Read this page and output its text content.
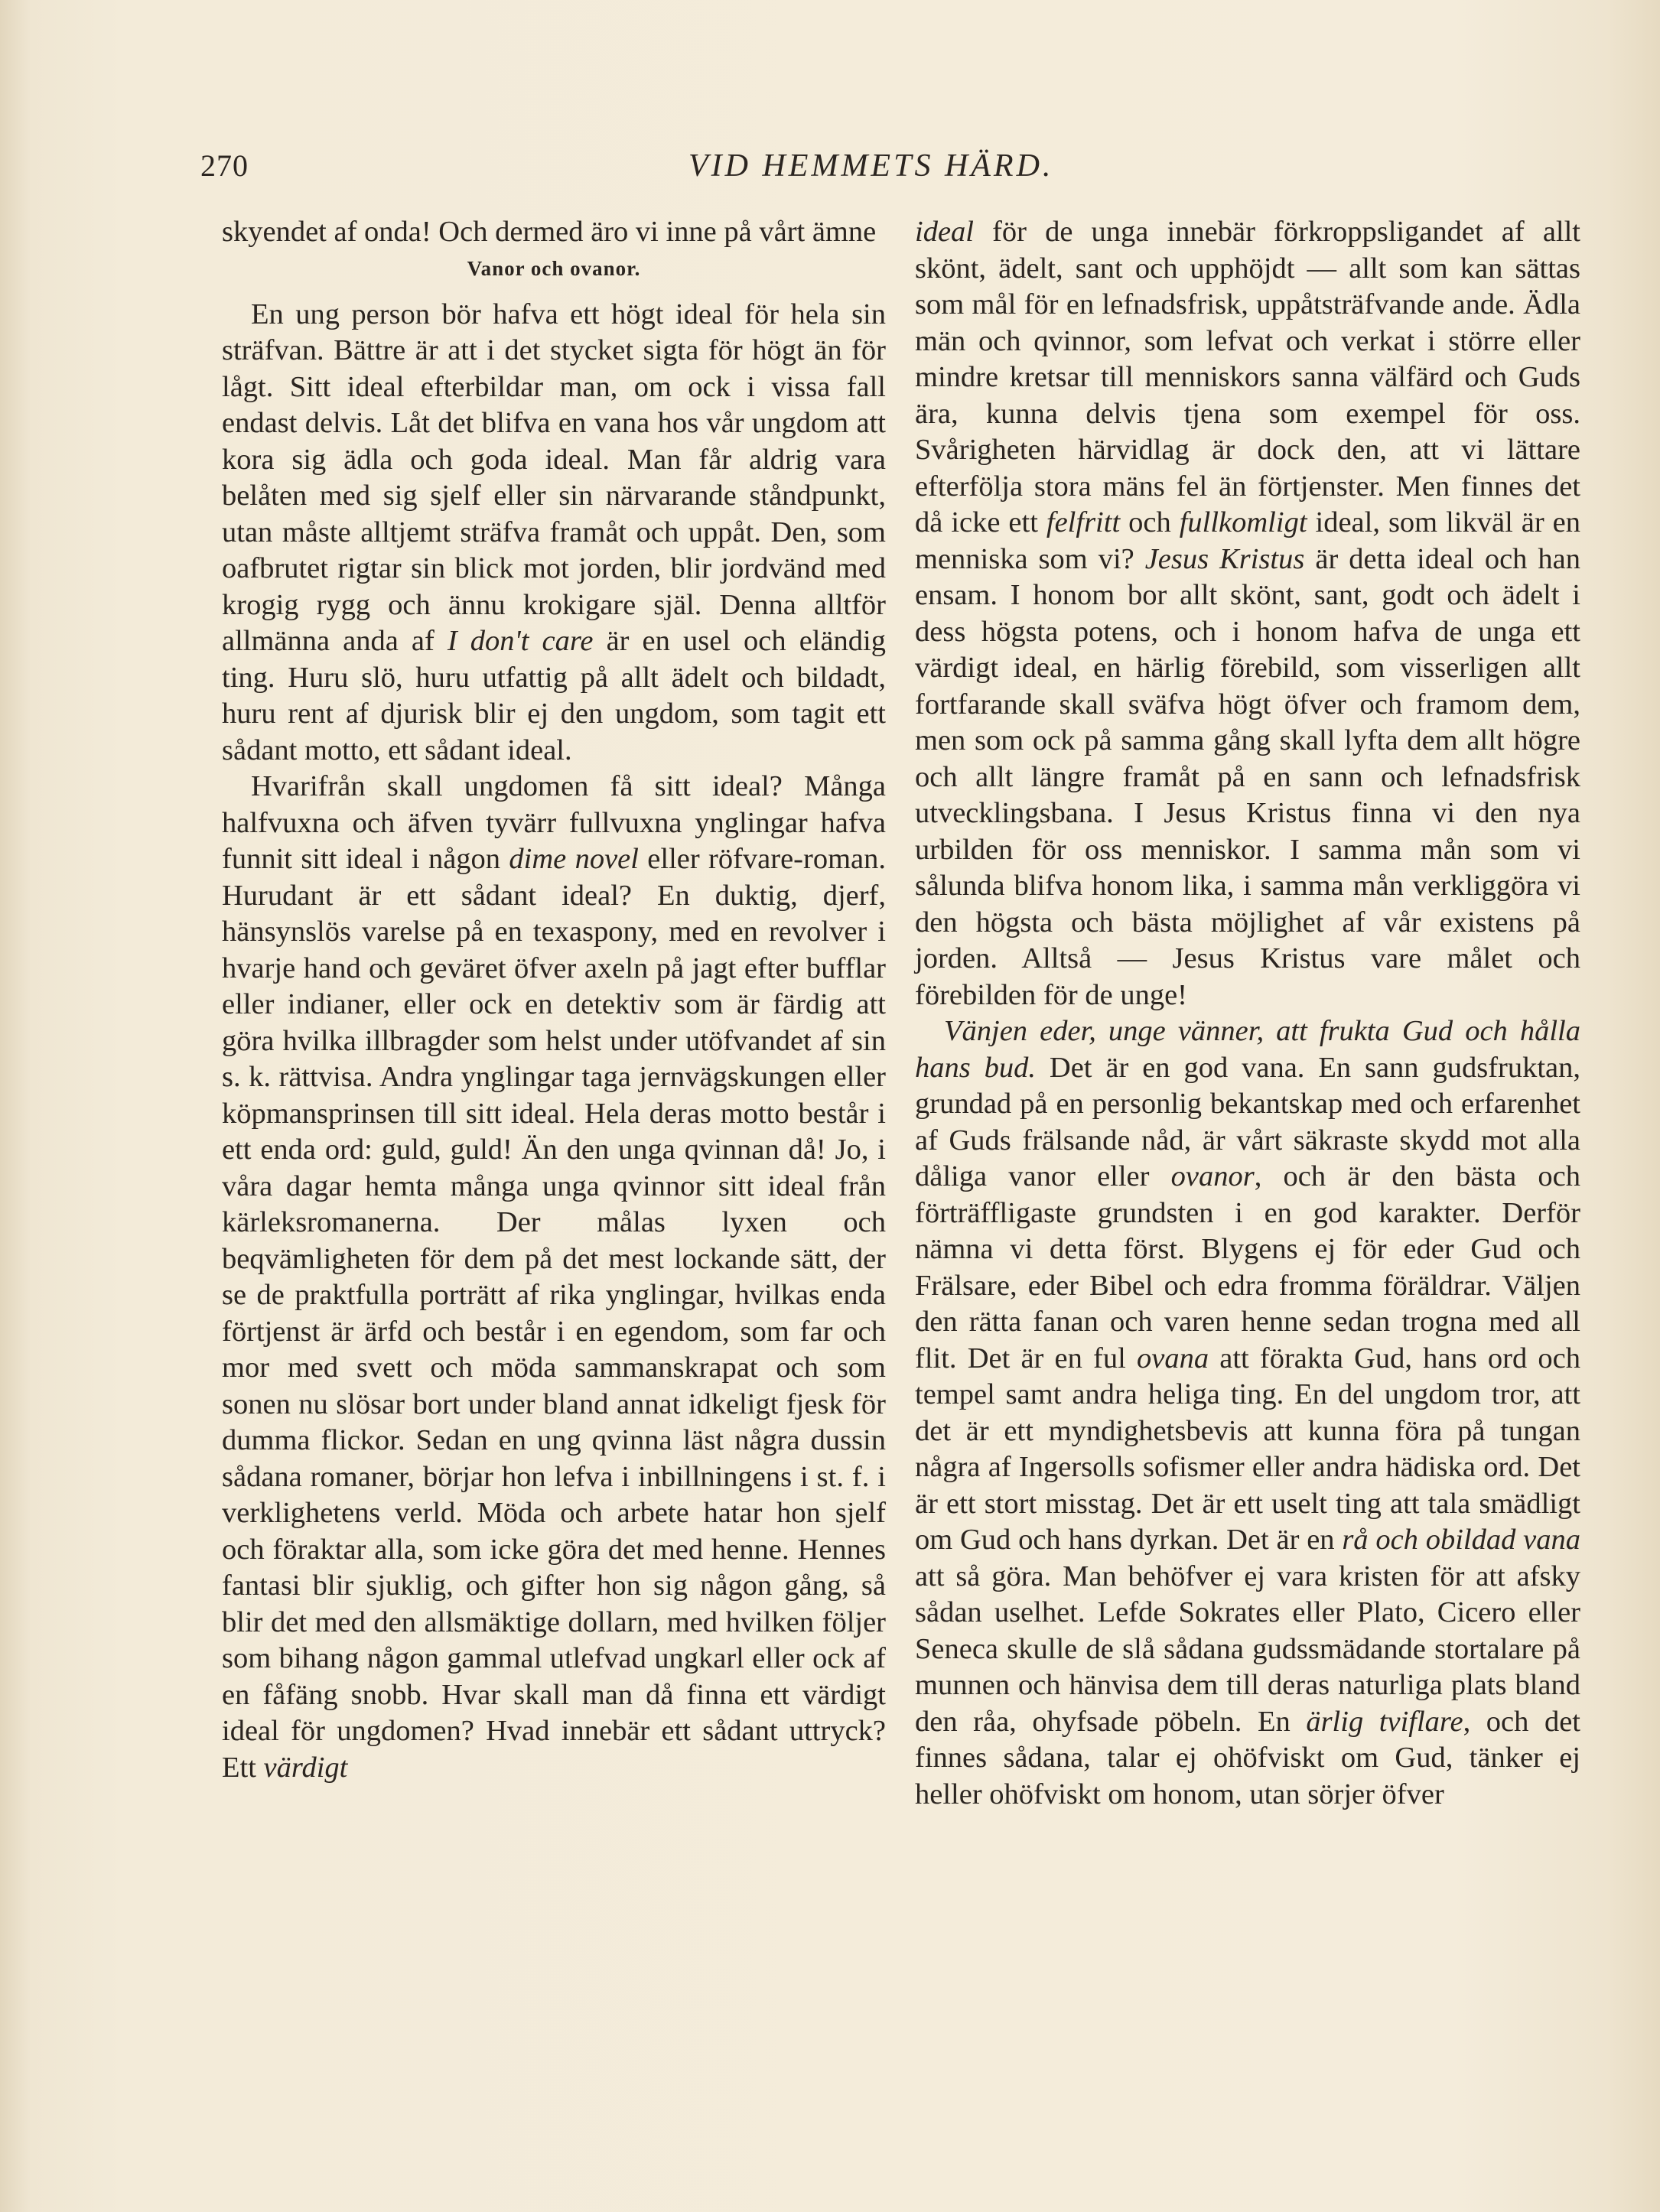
270	VID HEMMETS HÄRD.

skyendet af onda! Och dermed äro vi inne på vårt ämne

Vanor och ovanor.

En ung person bör hafva ett högt ideal för hela sin sträfvan. Bättre är att i det stycket sigta för högt än för lågt. Sitt ideal efterbildar man, om ock i vissa fall endast delvis. Låt det blifva en vana hos vår ungdom att kora sig ädla och goda ideal. Man får aldrig vara belåten med sig sjelf eller sin närvarande ståndpunkt, utan måste alltjemt sträfva framåt och uppåt. Den, som oafbrutet rigtar sin blick mot jorden, blir jordvänd med krogig rygg och ännu krokigare själ. Denna alltför allmänna anda af I don't care är en usel och eländig ting. Huru slö, huru utfattig på allt ädelt och bildadt, huru rent af djurisk blir ej den ungdom, som tagit ett sådant motto, ett sådant ideal.

Hvarifrån skall ungdomen få sitt ideal? Många halfvuxna och äfven tyvärr fullvuxna ynglingar hafva funnit sitt ideal i någon dime novel eller röfvare-roman. Hurudant är ett sådant ideal? En duktig, djerf, hänsynslös varelse på en texaspony, med en revolver i hvarje hand och geväret öfver axeln på jagt efter bufflar eller indianer, eller ock en detektiv som är färdig att göra hvilka illbragder som helst under utöfvandet af sin s. k. rättvisa. Andra ynglingar taga jernvägskungen eller köpmansprinsen till sitt ideal. Hela deras motto består i ett enda ord: guld, guld! Än den unga qvinnan då! Jo, i våra dagar hemta många unga qvinnor sitt ideal från kärleksromanerna. Der målas lyxen och beqvämligheten för dem på det mest lockande sätt, der se de praktfulla porträtt af rika ynglingar, hvilkas enda förtjenst är ärfd och består i en egendom, som far och mor med svett och möda sammanskrapat och som sonen nu slösar bort under bland annat idkeligt fjesk för dumma flickor. Sedan en ung qvinna läst några dussin sådana romaner, börjar hon lefva i inbillningens i st. f. i verklighetens verld. Möda och arbete hatar hon sjelf och föraktar alla, som icke göra det med henne. Hennes fantasi blir sjuklig, och gifter hon sig någon gång, så blir det med den allsmäktige dollarn, med hvilken följer som bihang någon gammal utlefvad ungkarl eller ock af en fåfäng snobb. Hvar skall man då finna ett värdigt ideal för ungdomen? Hvad innebär ett sådant uttryck? Ett värdigt

ideal för de unga innebär förkroppsligandet af allt skönt, ädelt, sant och upphöjdt — allt som kan sättas som mål för en lefnadsfrisk, uppåtsträfvande ande. Ädla män och qvinnor, som lefvat och verkat i större eller mindre kretsar till menniskors sanna välfärd och Guds ära, kunna delvis tjena som exempel för oss. Svårigheten härvidlag är dock den, att vi lättare efterfölja stora mäns fel än förtjenster. Men finnes det då icke ett felfritt och fullkomligt ideal, som likväl är en menniska som vi? Jesus Kristus är detta ideal och han ensam. I honom bor allt skönt, sant, godt och ädelt i dess högsta potens, och i honom hafva de unga ett värdigt ideal, en härlig förebild, som visserligen allt fortfarande skall sväfva högt öfver och framom dem, men som ock på samma gång skall lyfta dem allt högre och allt längre framåt på en sann och lefnadsfrisk utvecklingsbana. I Jesus Kristus finna vi den nya urbilden för oss menniskor. I samma mån som vi sålunda blifva honom lika, i samma mån verkliggöra vi den högsta och bästa möjlighet af vår existens på jorden. Alltså — Jesus Kristus vare målet och förebilden för de unge!

Vänjen eder, unge vänner, att frukta Gud och hålla hans bud. Det är en god vana. En sann gudsfruktan, grundad på en personlig bekantskap med och erfarenhet af Guds frälsande nåd, är vårt säkraste skydd mot alla dåliga vanor eller ovanor, och är den bästa och förträffligaste grundsten i en god karakter. Derför nämna vi detta först. Blygens ej för eder Gud och Frälsare, eder Bibel och edra fromma föräldrar. Väljen den rätta fanan och varen henne sedan trogna med all flit. Det är en ful ovana att förakta Gud, hans ord och tempel samt andra heliga ting. En del ungdom tror, att det är ett myndighetsbevis att kunna föra på tungan några af Ingersolls sofismer eller andra hädiska ord. Det är ett stort misstag. Det är ett uselt ting att tala smädligt om Gud och hans dyrkan. Det är en rå och obildad vana att så göra. Man behöfver ej vara kristen för att afsky sådan uselhet. Lefde Sokrates eller Plato, Cicero eller Seneca skulle de slå sådana gudssmädande stortalare på munnen och hänvisa dem till deras naturliga plats bland den råa, ohyfsade pöbeln. En ärlig tviflare, och det finnes sådana, talar ej ohöfviskt om Gud, tänker ej heller ohöfviskt om honom, utan sörjer öfver
